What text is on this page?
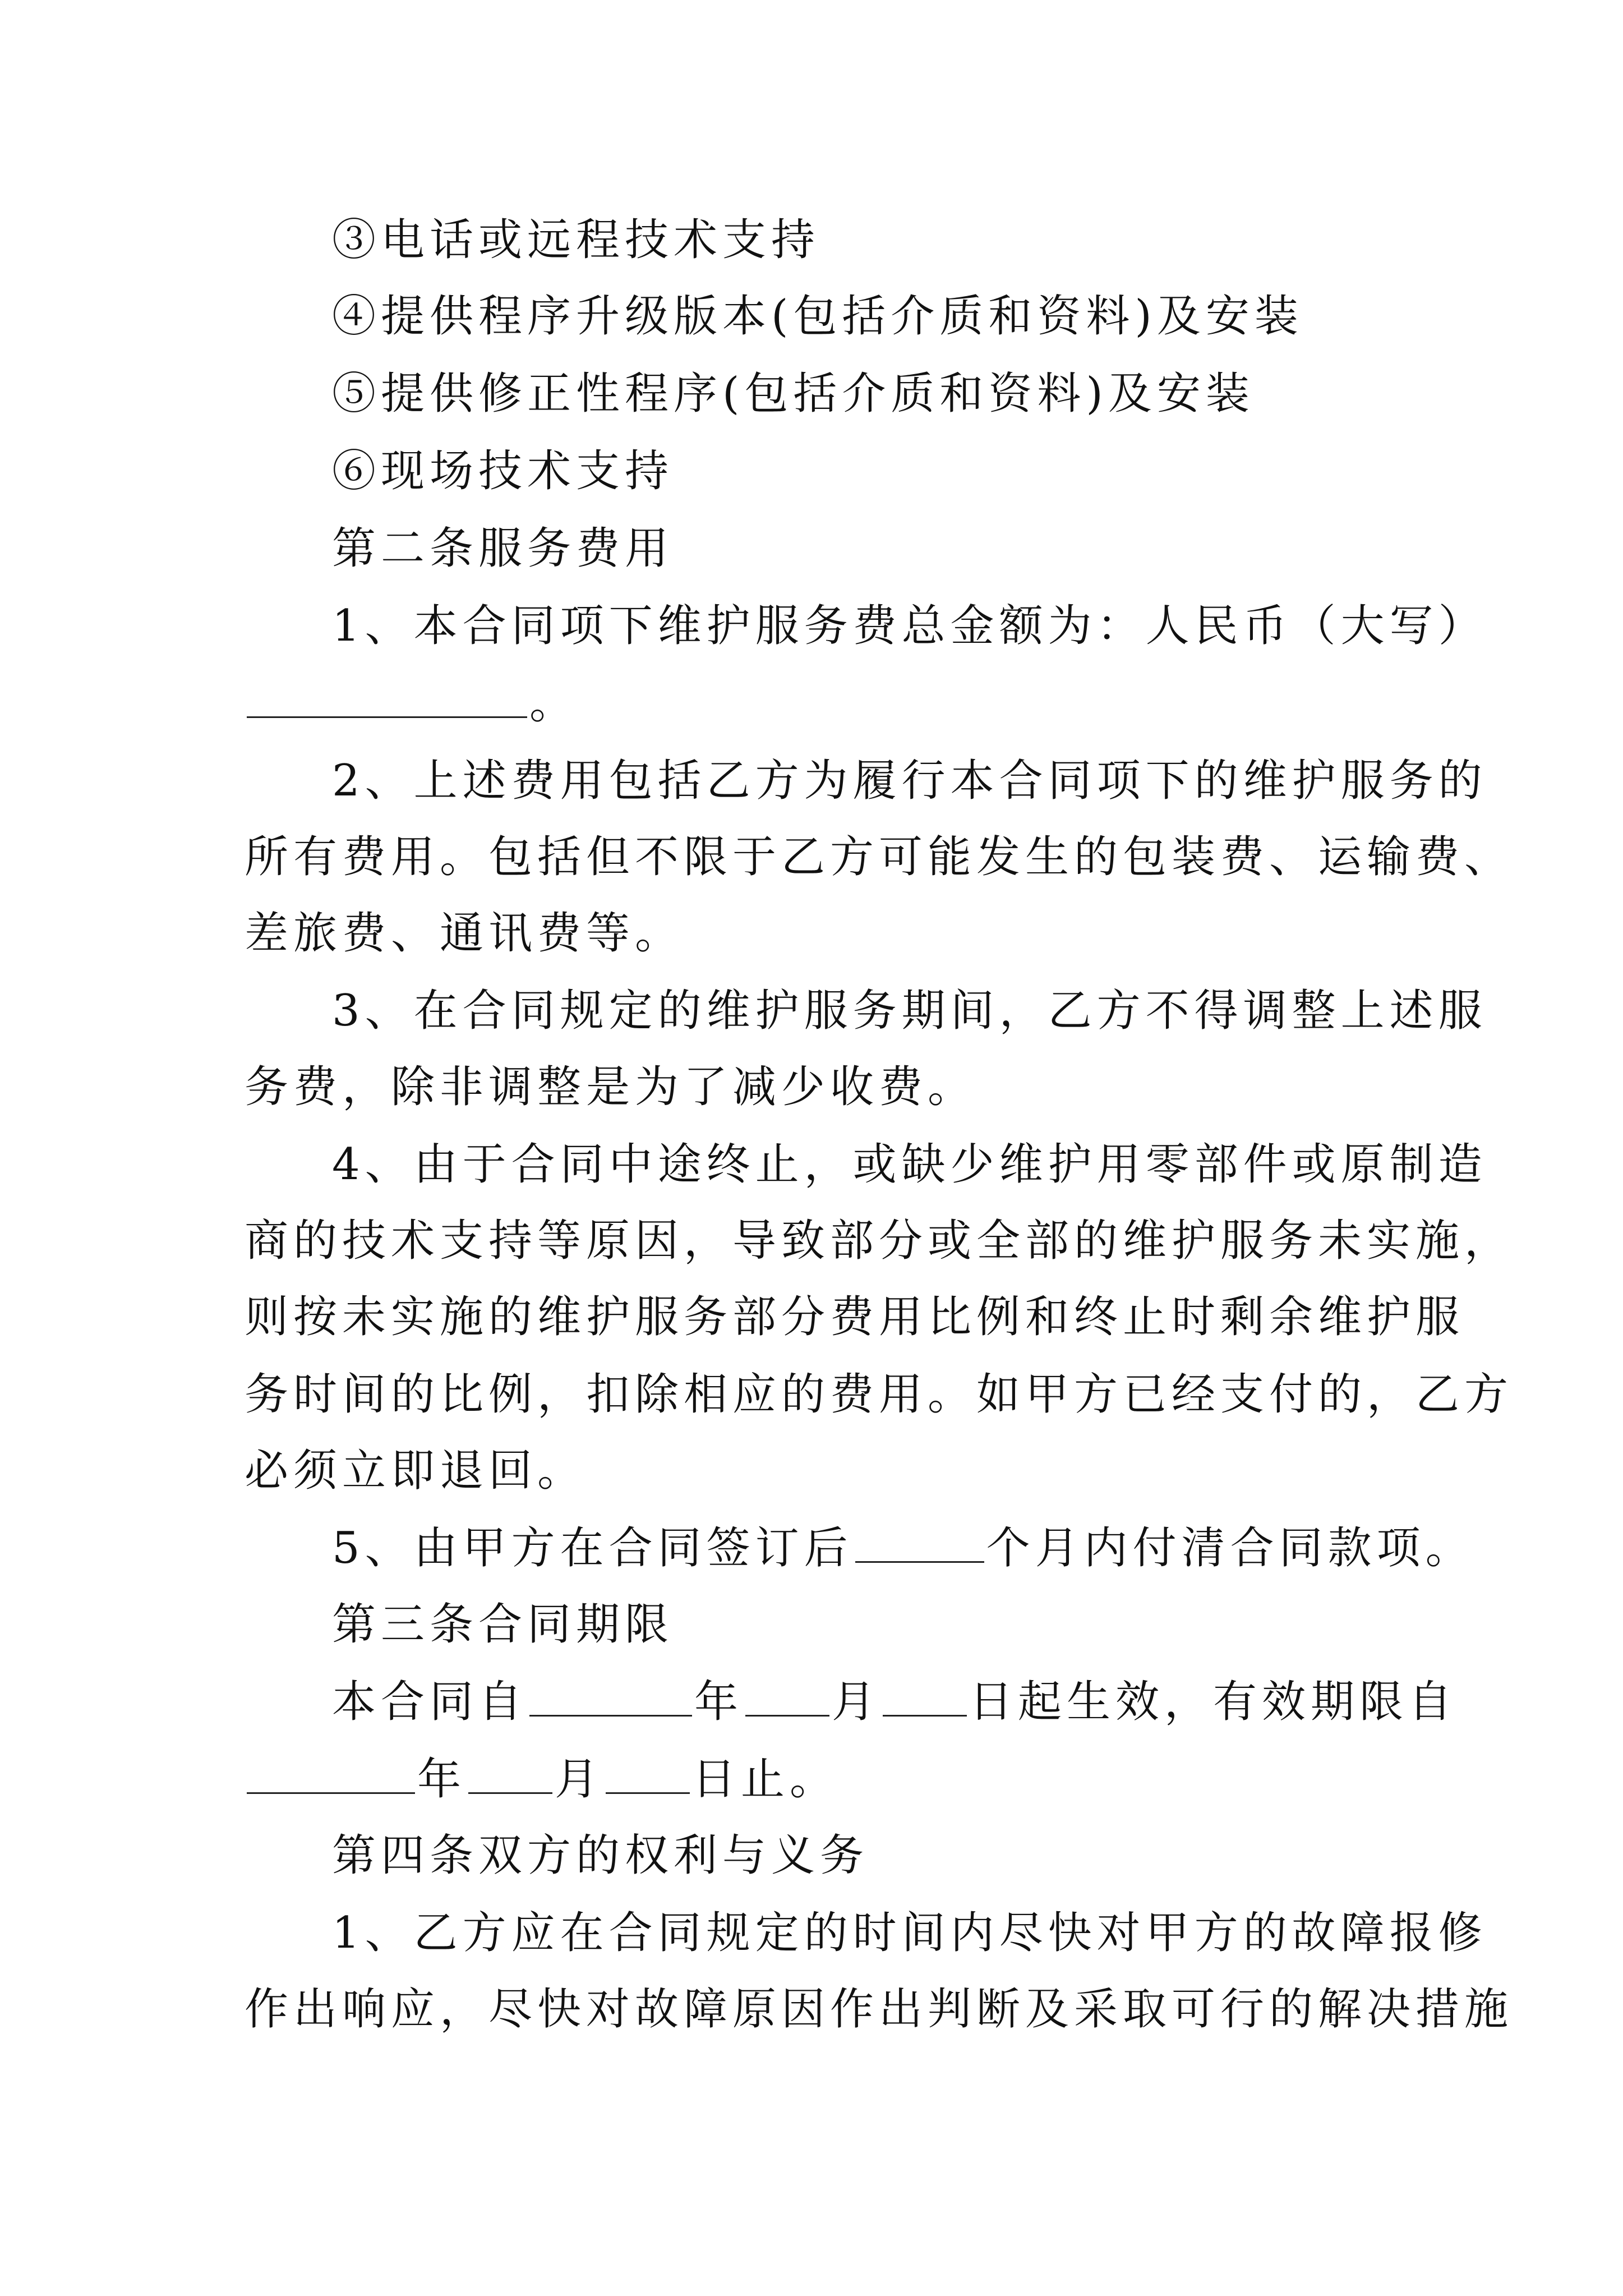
③电话或远程技术支持
④提供程序升级版本(包括介质和资料)及安装
⑤提供修正性程序(包括介质和资料)及安装
⑥现场技术支持
第二条服务费用
1、本合同项下维护服务费总金额为：人民币（大写）
。
2、上述费用包括乙方为履行本合同项下的维护服务的
所有费用。包括但不限于乙方可能发生的包装费、运输费、
差旅费、通讯费等。
3、在合同规定的维护服务期间，乙方不得调整上述服
务费，除非调整是为了减少收费。
4、由于合同中途终止，或缺少维护用零部件或原制造
商的技术支持等原因，导致部分或全部的维护服务未实施，
则按未实施的维护服务部分费用比例和终止时剩余维护服
务时间的比例，扣除相应的费用。如甲方已经支付的，乙方
必须立即退回。
5、由甲方在合同签订后	个月内付清合同款项。
第三条合同期限
本合同自	年 月 日起生效，有效期限自
年 月 日止。
第四条双方的权利与义务
1、乙方应在合同规定的时间内尽快对甲方的故障报修
作出响应，尽快对故障原因作出判断及采取可行的解决措施
